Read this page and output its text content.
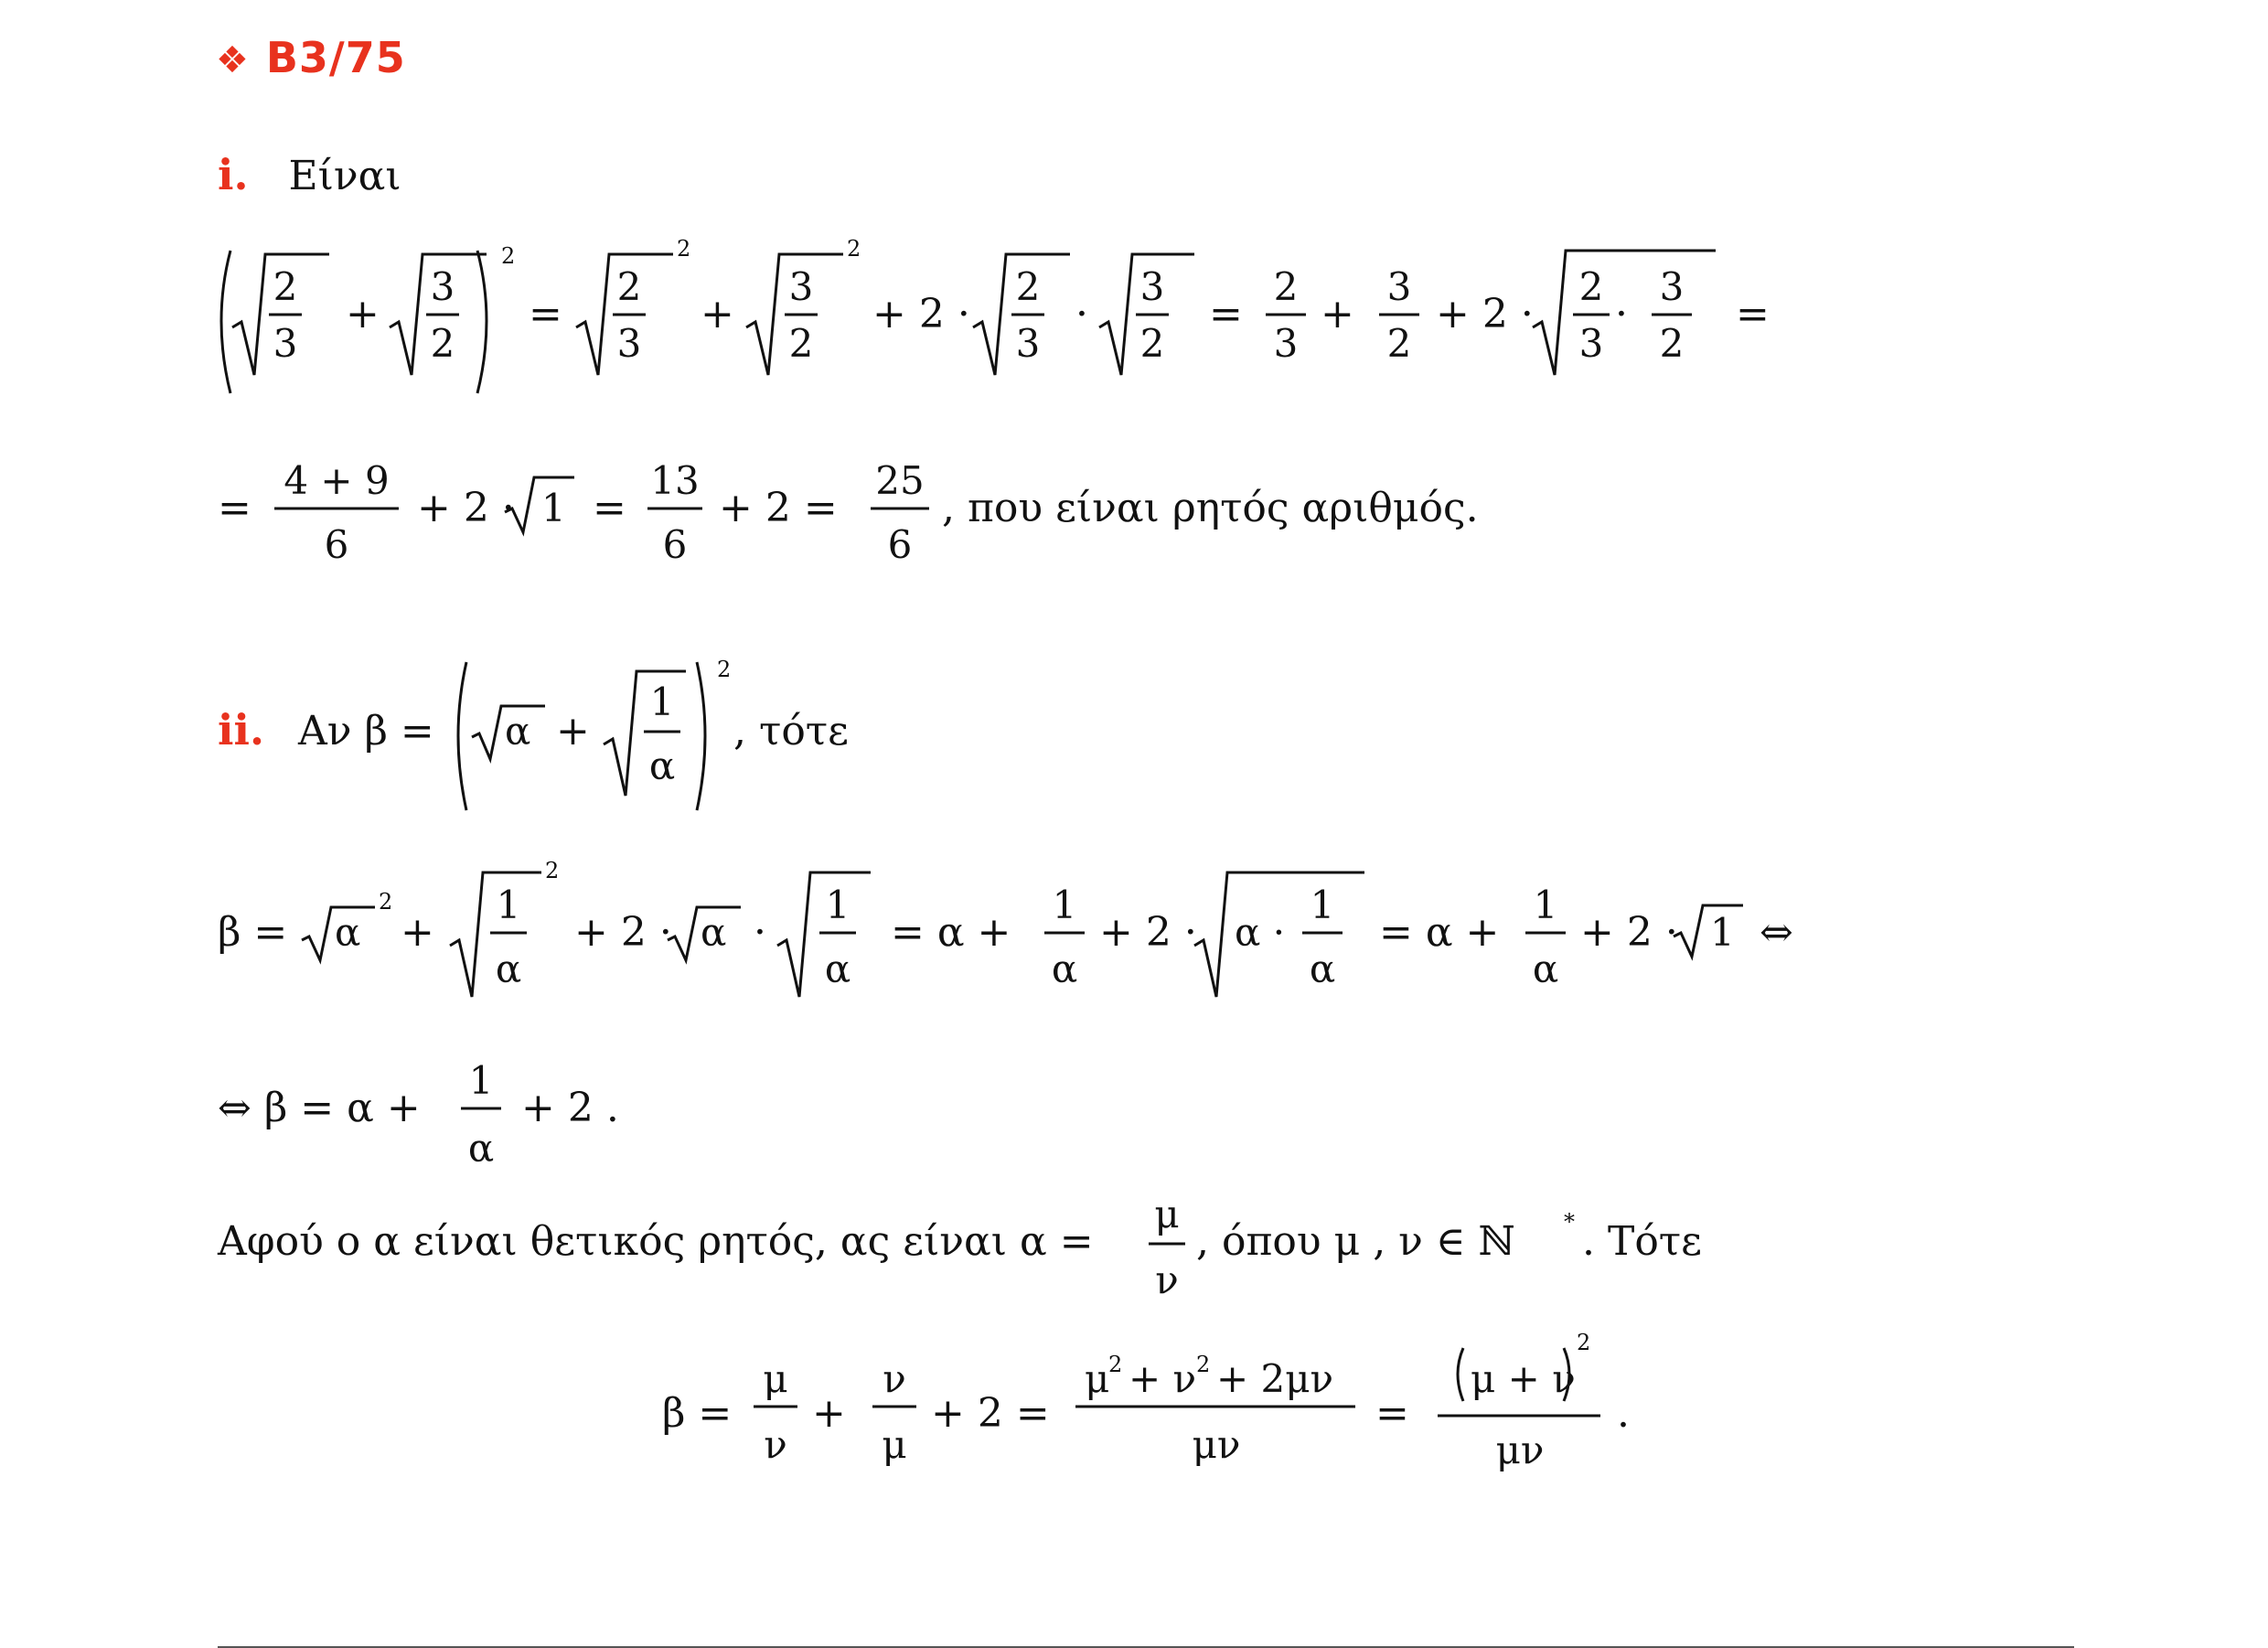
❖ B3/75
i. Είναι
2
3
+
3
2
2
=
2
3
2
+
3
2
2
+ 2 ·
2
3
·
3
2
=
2
3
+
3
2
+ 2 ·
2
3
·
3
2
=
=
4 + 9
6
+ 2 · 1 =
13
6
+ 2 =
25
6
, που είναι ρητός αριθμός.
ii. Αν β = α +
1
α
2
, τότε
β = α
2
+
1
α
2
+ 2 · α ·
1
α
= α +
1
α
+ 2 · α ·
1
α
= α +
1
α
+ 2 · 1 ⇔
⇔ β = α +
1
α
+ 2 .
Αφού ο α είναι θετικός ρητός, ας είναι α =
μ
ν
, όπου μ , ν ∈ ℕ * . Τότε
β =
μ
ν
+
ν
μ
+ 2 =
μ
2 + ν 2 + 2μν
μν
=
μ + ν
2
μν
.
